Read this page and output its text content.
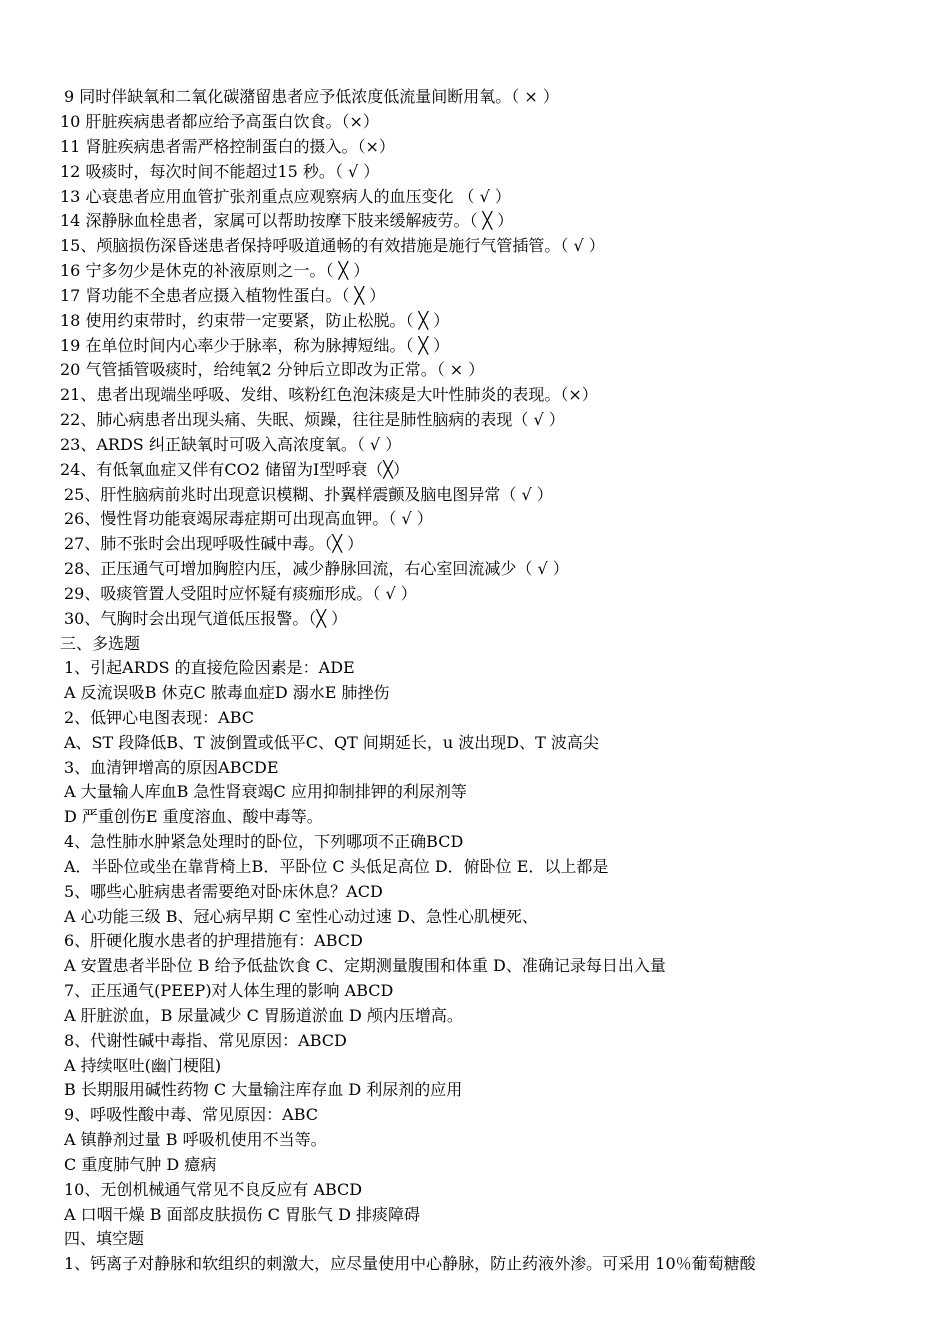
9 同时伴缺氧和二氧化碳潴留患者应予低浓度低流量间断用氧。（ × ）
10 肝脏疾病患者都应给予高蛋白饮食。（×）
11 肾脏疾病患者需严格控制蛋白的摄入。（×）
12 吸痰时，每次时间不能超过15 秒。（ √ ）
13 心衰患者应用血管扩张剂重点应观察病人的血压变化 （ √ ）
14 深静脉血栓患者，家属可以帮助按摩下肢来缓解疲劳。（ ╳ ）
15、颅脑损伤深昏迷患者保持呼吸道通畅的有效措施是施行气管插管。（ √ ）
16 宁多勿少是休克的补液原则之一。（ ╳ ）
17 肾功能不全患者应摄入植物性蛋白。（ ╳ ）
18 使用约束带时，约束带一定要紧，防止松脱。（ ╳ ）
19 在单位时间内心率少于脉率，称为脉搏短绌。（ ╳ ）
20 气管插管吸痰时，给纯氧2 分钟后立即改为正常。（ × ）
21、患者出现端坐呼吸、发绀、咳粉红色泡沫痰是大叶性肺炎的表现。（×）
22、肺心病患者出现头痛、失眠、烦躁，往往是肺性脑病的表现（ √ ）
23、ARDS 纠正缺氧时可吸入高浓度氧。（ √ ）
24、有低氧血症又伴有CO2 储留为Ⅰ型呼衰（╳）
25、肝性脑病前兆时出现意识模糊、扑翼样震颤及脑电图异常（ √ ）
26、慢性肾功能衰竭尿毒症期可出现高血钾。（ √ ）
27、肺不张时会出现呼吸性碱中毒。（╳ ）
28、正压通气可增加胸腔内压，减少静脉回流，右心室回流减少（ √ ）
29、吸痰管置人受阻时应怀疑有痰痂形成。（ √ ）
30、气胸时会出现气道低压报警。（╳ ）
三、多选题
1、引起ARDS 的直接危险因素是：ADE
A 反流误吸B 休克C 脓毒血症D 溺水E 肺挫伤
2、低钾心电图表现：ABC
A、ST 段降低B、T 波倒置或低平C、QT 间期延长，u 波出现D、T 波高尖
3、血清钾增高的原因ABCDE
A 大量输人库血B 急性肾衰竭C 应用抑制排钾的利尿剂等
D 严重创伤E 重度溶血、酸中毒等。
4、急性肺水肿紧急处理时的卧位，下列哪项不正确BCD
A．半卧位或坐在靠背椅上B．平卧位 C 头低足高位 D．俯卧位 E．以上都是
5、哪些心脏病患者需要绝对卧床休息？ACD
A 心功能三级 B、冠心病早期 C 室性心动过速 D、急性心肌梗死、
6、肝硬化腹水患者的护理措施有：ABCD
A 安置患者半卧位 B 给予低盐饮食 C、定期测量腹围和体重 D、准确记录每日出入量
7、正压通气(PEEP)对人体生理的影响 ABCD
A 肝脏淤血，B 尿量减少 C 胃肠道淤血 D 颅内压增高。
8、代谢性碱中毒指、常见原因：ABCD
A 持续呕吐(幽门梗阻)
B 长期服用碱性药物 C 大量输注库存血 D 利尿剂的应用
9、呼吸性酸中毒、常见原因：ABC
A 镇静剂过量 B 呼吸机使用不当等。
C 重度肺气肿 D 癔病
10、无创机械通气常见不良反应有 ABCD
A 口咽干燥 B 面部皮肤损伤 C 胃胀气 D 排痰障碍
四、填空题
1、钙离子对静脉和软组织的刺激大，应尽量使用中心静脉，防止药液外渗。可采用 10％葡萄糖酸
